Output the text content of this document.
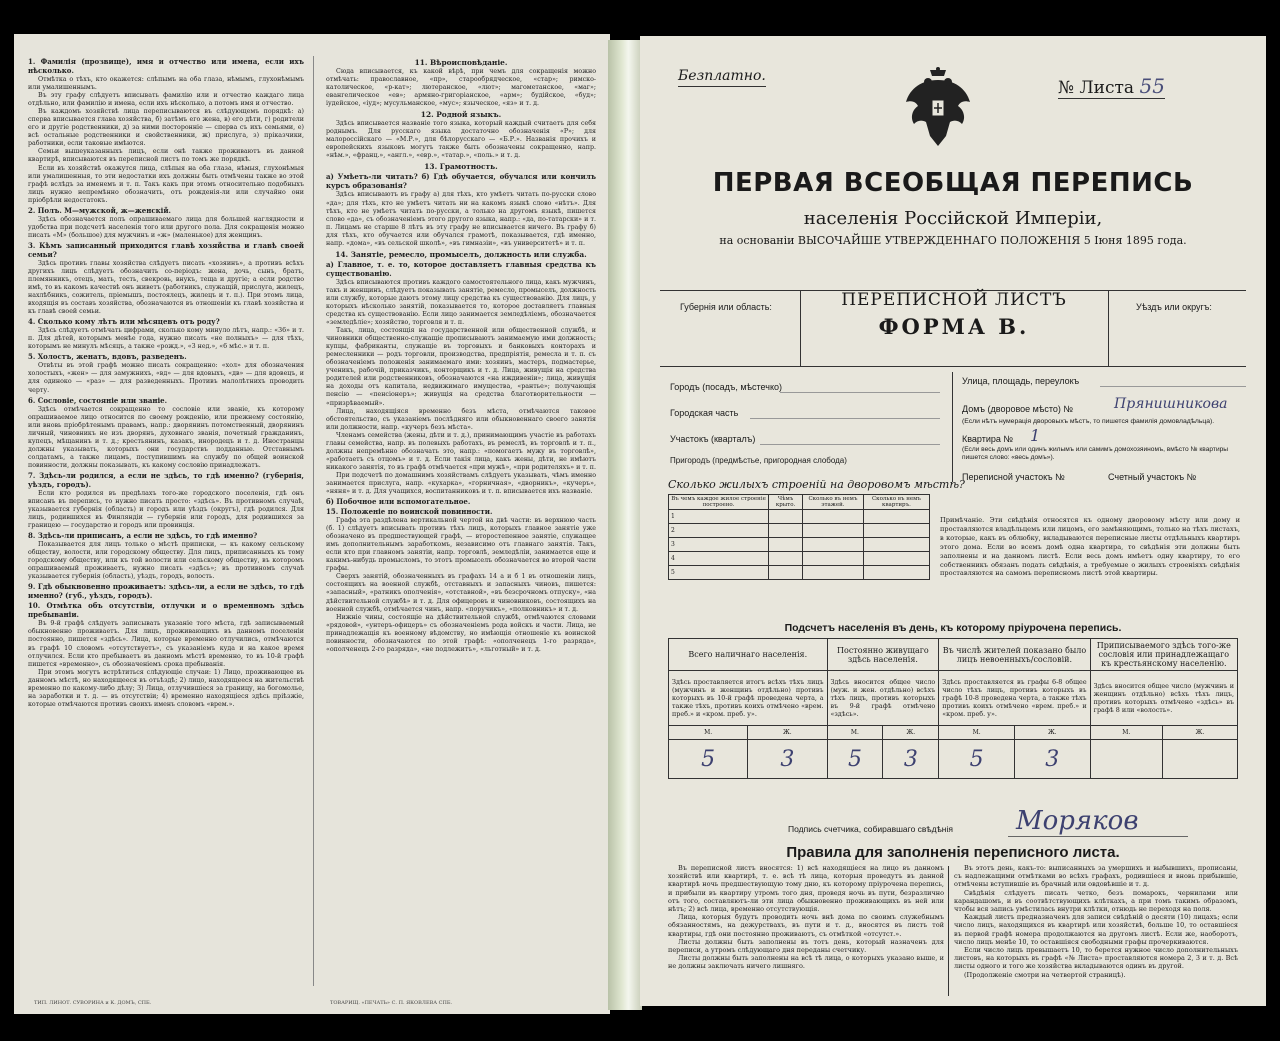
1. Фамилія (прозвище), имя и отчество или имена, если ихъ нѣсколько.

Отмѣтка о тѣхъ, кто окажется: слѣпымъ на оба глаза, нѣмымъ, глухонѣмымъ или умалишеннымъ.

Въ эту графу слѣдуетъ вписывать фамилію или и отчество каждаго лица отдѣльно, или фамилію и имена, если ихъ нѣсколько, а потомъ имя и отчество.

Въ каждомъ хозяйствѣ лица переписываются въ слѣдующемъ порядкѣ: а) сперва вписывается глава хозяйства, б) затѣмъ его жена, в) его дѣти, г) родители его и другіе родственники, д) за ними посторонніе — сперва съ ихъ семьями, е) всѣ остальные родственники и свойственники, ж) прислуга, з) пріказчики, работники, если таковые имѣются.

Семьи вышеуказанныхъ лицъ, если онѣ также проживаютъ въ данной квартирѣ, вписываются въ переписной листъ по томъ же порядкѣ.

Если въ хозяйствѣ окажутся лица, слѣпыя на оба глаза, нѣмыя, глухонѣмыя или умалишенныя, то эти недостатки ихъ должны быть отмѣчены также во этой графѣ вслѣдъ за именемъ и т. п. Такъ какъ при этомъ относительно подобныхъ лицъ нужно непремѣнно обозначить, отъ рожденія-ли или случайно они пріобрѣли недостатокъ.

2. Полъ. М—мужской, ж—женскій.

Здѣсь обозначается полъ опрашиваемаго лица для большей наглядности и удобства при подсчетѣ населенія того или другого пола. Для сокращенія можно писать «М» (большое) для мужчинъ и «ж» (маленькое) для женщинъ.

3. Кѣмъ записанный приходится главѣ хозяйства и главѣ своей семьи?

Здѣсь противъ главы хозяйства слѣдуетъ писать «хозяинъ», а противъ всѣхъ другихъ лицъ слѣдуетъ обозначить со-періодъ: жена, дочь, сынъ, братъ, племянникъ, отецъ, мать, тесть, свекровь, внукъ, теща и другіе; а если родство имѣ, то въ какомъ качествѣ онъ живетъ (работникъ, служащій, прислуга, жилецъ, нахлѣбникъ, сожитель, пріемышъ, постоялецъ, жилецъ и т. п.). При этомъ лица, входящія въ составъ хозяйства, обозначаются въ отношеніи къ главѣ хозяйства и къ главѣ своей семьи.

4. Сколько кому лѣтъ или мѣсяцевъ отъ роду?

Здѣсь слѣдуетъ отмѣчать цифрами, сколько кому минуло лѣтъ, напр.: «36» и т. п. Для дѣтей, которымъ менѣе года, нужно писать «не полныхъ» — для тѣхъ, которымъ не минулъ мѣсяцъ, а также «рожд.», «3 нед.», «6 мѣс.» и т. п.

5. Холостъ, женатъ, вдовъ, разведенъ.

Отвѣты въ этой графѣ можно писать сокращенно: «хол» для обозначения холостыхъ, «жен» — для замужнихъ, «вд» — для вдовыхъ, «дв» — для вдовецъ, и для одиноко — «раз» — для разведенныхъ. Противъ малолѣтнихъ проводить черту.

6. Сословіе, состояніе или званіе.

Здѣсь отмѣчается сокращенно то сословіе или званіе, къ которому опрашиваемое лицо относится по своему рожденію, или прежнему состоянію, или вновь пріобрѣтенымъ правамъ, напр.: дворянинъ потомственный, дворянинъ личный, чиновникъ не изъ дворянъ, духовнаго званія, почетный гражданинъ, купецъ, мѣщанинъ и т. д.; крестьянинъ, казакъ, инородецъ и т. д. Иностранцы должны указывать, которыхъ они государствъ подданные. Отставнымъ солдатамъ, а также лицамъ, поступившимъ на службу по общей воинской повинности, должны показывать, къ какому сословію принадлежатъ.

7. Здѣсь-ли родился, а если не здѣсь, то гдѣ именно? (губернія, уѣздъ, городъ).

Если кто родился въ предѣлахъ того-же городского поселенія, гдѣ онъ вписанъ въ перепись, то нужно писать просто: «здѣсь». Въ противномъ случаѣ, указывается губернія (область) и городъ или уѣздъ (округъ), гдѣ родился. Для лицъ, родившихся въ Финляндіи — губернія или городъ, для родившихся за границею — государство и городъ или провинція.

8. Здѣсь-ли приписанъ, а если не здѣсь, то гдѣ именно?

Показывается для лицъ только о мѣстѣ приписки, — къ какому сельскому обществу, волости, или городскому обществу. Для лицъ, приписанныхъ къ тому городскому обществу, или къ той волости или сельскому обществу, въ которомъ опрашиваемый проживаетъ, нужно писать «здѣсь»; въ противномъ случаѣ указывается губернія (область), уѣздъ, городъ, волость.

9. Гдѣ обыкновенно проживаетъ: здѣсь-ли, а если не здѣсь, то гдѣ именно? (губ., уѣздъ, городъ).
10. Отмѣтка объ отсутствіи, отлучки и о временномъ здѣсь пребываніи.

Въ 9-й графѣ слѣдуетъ записывать указаніе того мѣста, гдѣ записываемый обыкновенно проживаетъ. Для лицъ, проживающихъ въ данномъ поселеніи постоянно, пишется «здѣсь». Лица, которые временно отлучились, отмѣчаются въ графѣ 10 словомъ «отсутствуетъ», съ указаніемъ куда и на какое время отлучился. Если кто пребываетъ въ данномъ мѣстѣ временно, то въ 10-й графѣ пишется «временно», съ обозначеніемъ срока пребыванія.

При этомъ могутъ встрѣтиться слѣдующіе случаи: 1) Лицо, проживающее въ данномъ мѣстѣ, но находящееся въ отъѣздѣ; 2) лицо, находящееся на жительствѣ временно по какому-либо дѣлу; 3) Лица, отлучившіеся за границу, на богомолье, на заработки и т. д. — въ отсутствіи; 4) временно находящіеся здѣсь пріѣзжіе, которые отмѣчаются противъ своихъ именъ словомъ «врем.».

11. Вѣроисповѣданіе.

Сюда вписывается, къ какой вѣрѣ, при чемъ для сокращенія можно отмѣчать: православное, «пр», старообрядческое, «стар»; римско-католическое, «р-кат»; лютеранское, «лют»; магометанское, «маг»; евангелическое «ев»; армяно-григоріанское, «арм»; будійское, «буд»; іудейское, «іуд»; мусульманское, «мус»; языческое, «яз» и т. д.

12. Родной языкъ.

Здѣсь вписывается названіе того языка, который каждый считаетъ для себя роднымъ. Для русскаго языка достаточно обозначенія «Р»; для малороссійскаго — «М.Р.», для бѣлорусскаго — «Б.Р.». Названія прочихъ и европейскихъ языковъ могутъ также быть обозначены сокращенно, напр. «нѣм.», «франц.», «англ.», «евр.», «татар.», «поль.» и т. д.

13. Грамотность.
а) Умѣетъ-ли читать? б) Гдѣ обучается, обучался или кончилъ курсъ образованія?

Здѣсь вписываютъ въ графу а) для тѣхъ, кто умѣетъ читать по-русски слово «да»; для тѣхъ, кто не умѣетъ читать ни на какомъ языкѣ слово «нѣтъ». Для тѣхъ, кто не умѣетъ читать по-русски, а только на другомъ языкѣ, пишется слово «да», съ обозначеніемъ этого другого языка, напр.: «да, по-татарски» и т. п. Лицамъ не старше 8 лѣтъ въ эту графу не вписывается ничего. Въ графу б) для тѣхъ, кто обучается или обучался грамотѣ, показывается, гдѣ именно, напр. «дома», «въ сельской школѣ», «въ гимназіи», «въ университетѣ» и т. п.

14. Занятіе, ремесло, промыселъ, должность или служба.
а) Главное, т. е. то, которое доставляетъ главныя средства къ существованію.

Здѣсь вписываются противъ каждого самостоятельного лица, какъ мужчинъ, такъ и женщинъ, слѣдуетъ показывать занятіе, ремесло, промыселъ, должность или службу, которые даютъ этому лицу средства къ существованію. Для лицъ, у которыхъ нѣсколько занятій, показывается то, которое доставляетъ главныя средства къ существованію. Если лицо занимается земледѣліемъ, обозначается «земледѣліе»; хозяйство, торговля и т. п.

Такъ, лица, состоящія на государственной или общественной службѣ, и чиновники общественно-служащіе прописываютъ занимаемую ими должность; купцы, фабриканты, служащіе въ торговыхъ и банковыхъ конторахъ и ремесленники — родъ торговли, производства, предпріятія, ремесла и т. п. съ обозначеніемъ положенія занимаемаго ими: хозяинъ, мастеръ, подмастерье, ученикъ, рабочій, приказчикъ, конторщикъ и т. д. Лица, живущія на средства родителей или родственниковъ, обозначаются «на иждивеніи»; лица, живущія на доходы отъ капитала, недвижимаго имущества, «рантье»; получающія пенсію — «пенсіонеръ»; живущія на средства благотворительности — «призрѣваемый».

Лица, находящіяся временно безъ мѣста, отмѣчаются таковое обстоятельство, съ указаніемъ послѣдняго или обыкновеннаго своего занятія или должности, напр. «кучеръ безъ мѣста».

Членамъ семейства (жены, дѣти и т. д.), принимающимъ участіе въ работахъ главы семейства, напр. въ полевыхъ работахъ, въ ремеслѣ, въ торговлѣ и т. п., должны непремѣнно обозначать это, напр.: «помогаетъ мужу въ торговлѣ», «работаетъ съ отцомъ» и т. д. Если такія лица, какъ жены, дѣти, не имѣютъ никакого занятія, то въ графѣ отмѣчается «при мужѣ», «при родителяхъ» и т. п.

При подсчетѣ по домашнимъ хозяйствамъ слѣдуетъ указывать, чѣмъ именно занимается прислуга, напр. «кухарка», «горничная», «дворникъ», «кучеръ», «няня» и т. д. Для учащихся, воспитанниковъ и т. п. вписывается ихъ названіе.

б) Побочное или вспомогательное.
15. Положеніе по воинской повинности.

Графа эта раздѣлена вертикальной чертой на двѣ части: въ верхнюю часть (б. 1) слѣдуетъ вписывать противъ тѣхъ лицъ, которыхъ главное занятіе уже обозначено въ предшествующей графѣ, — второстепенное занятіе, служащее имъ дополнительнымъ заработкомъ, независимо отъ главнаго занятія. Такъ, если кто при главномъ занятіи, напр. торговлѣ, земледѣліи, занимается еще и какимъ-нибудь промысломъ, то этотъ промыселъ обозначается во второй части графы.

Сверхъ занятій, обозначенныхъ въ графахъ 14 а и б 1 въ отношеніи лицъ, состоящихъ на военной службѣ, отставныхъ и запасныхъ чиновъ, пишется: «запасный», «ратникъ ополченія», «отставной», «въ безсрочномъ отпуску», «на дѣйствительной службѣ» и т. д. Для офицеровъ и чиновниковъ, состоящихъ на военной службѣ, отмѣчается чинъ, напр. «поручикъ», «полковникъ» и т. д.

Нижніе чины, состоящіе на дѣйствительной службѣ, отмѣчаются словами «рядовой», «унтеръ-офицеръ» съ обозначеніемъ рода войскъ и части. Лица, не принадлежащія къ военному вѣдомству, но имѣющія отношеніе къ воинской повинности, обозначаются по этой графѣ: «ополченецъ 1-го разряда», «ополченецъ 2-го разряда», «не подлежитъ», «льготный» и т. д.

ТИП. ЛИНОТ. СУВОРИНА и К. ДОМЪ, СПБ.	ТОВАРИЩ. «ПЕЧАТЬ» С. П. ЯКОВЛЕВА СПБ.
Безплатно.
№ Листа 55
ПЕРВАЯ ВСЕОБЩАЯ ПЕРЕПИСЬ
населенія Россійской Имперіи,
на основаніи ВЫСОЧАЙШЕ УТВЕРЖДЕННАГО ПОЛОЖЕНІЯ 5 Іюня 1895 года.
Губернія или область:	Уѣздъ или округъ:
ПЕРЕПИСНОЙ ЛИСТЪ
ФОРМА В.
Городъ (посадъ, мѣстечко)
Городская часть
Участокъ (кварталъ)
Пригородъ (предмѣстье, пригородная слобода)
Улица, площадь, переулокъ
Домъ (дворовое мѣсто) №	Прянишникова
(Если нѣтъ нумерація дворовыхъ мѣстъ, то пишется фамилія домовладѣльца).
Квартира № 1
(Если весь домъ или одинъ жилымъ или самимъ домохозяиномъ, вмѣсто № квартиры пишется слово: «весь домъ»).
Переписной участокъ №	Счетный участокъ №
Сколько жилыхъ строеній на дворовомъ мѣстѣ?
Въ чемъ каждое жилое строеніе построено.	Чѣмъ крыто.	Сколько въ немъ этажей.	Сколько въ немъ квартиръ.
1			
2			
3			
4			
5			
Примѣчаніе. Эти свѣдѣнія относятся къ одному дворовому мѣсту или дому и проставляются владѣльцемъ или лицомъ, его замѣняющимъ, только на тѣхъ листахъ, в которые, какъ въ облюбку, вкладываются переписные листы отдѣльныхъ квартиръ этого дома. Если во всемъ домѣ одна квартира, то свѣдѣнія эти должны быть заполнены и на данномъ листѣ. Если весь домъ имѣетъ одну квартиру, то его собственникъ обязанъ подать свѣдѣнія, а требуемые о жилыхъ строеніяхъ свѣдѣнія проставляются на самомъ переписномъ листѣ этой квартиры.
Подсчетъ населенія въ день, къ которому пріурочена перепись.
Всего наличнаго населенія.		Постоянно живущаго здѣсь населенія.		Въ числѣ жителей показано было лицъ невоенныхъ/сословій.		Приписываемого здѣсь того-же сословія или принадлежащаго къ крестьянскому населенію.	
Здѣсь проставляется итогъ всѣхъ тѣхъ лицъ (мужчинъ и женщинъ отдѣльно) противъ которыхъ въ 10-й графѣ проведена черта, а также тѣхъ, противъ коихъ отмѣчено «врем. преб.» и «кром. преб. у».		Здѣсь вносится общее число (муж. и жен. отдѣльно) всѣхъ тѣхъ лицъ, противъ которыхъ въ 9-й графѣ отмѣчено «здѣсь».		Здѣсь проставляется въ графы 6-8 общее число тѣхъ лицъ, противъ которыхъ въ графѣ 10-8 проведена черта, а также тѣхъ противъ коихъ отмѣчено «врем. преб.» и «кром. преб. у».		Здѣсь вносится общее число (мужчинъ и женщинъ отдѣльно) всѣхъ тѣхъ лицъ, противъ которыхъ отмѣчено «здѣсь» въ графѣ 8 или «волость».	
М.	Ж.	М.	Ж.	М.	Ж.	М.	Ж.
5	3	5	3	5	3		
Подпись счетчика, собиравшаго свѣдѣнія Моряков
Правила для заполненія переписного листа.

Въ переписной листъ вносятся: 1) всѣ находящіеся на лицо въ данномъ хозяйствѣ или квартирѣ, т. е. всѣ тѣ лица, которыя проведутъ въ данной квартирѣ ночь предшествующую тому дню, къ которому пріурочена перепись, и прибыли въ квартиру утромъ того дня, проведя ночь въ пути, безразлично отъ того, составляютъ-ли эти лица обыкновенно проживающихъ въ ней или нѣтъ; 2) всѣ лица, временно отсутствующія.

Лица, которыя будутъ проводить ночь внѣ дома по своимъ служебнымъ обязанностямъ, на дежурствахъ, въ пути и т. д., вносятся въ листъ той квартиры, гдѣ они постоянно проживаютъ, съ отмѣткой «отсутст.».

Листы должны быть заполнены въ тотъ день, который назначенъ для переписи, а утромъ слѣдующаго дня переданы счетчику.

Листы должны быть заполнены на всѣ тѣ лица, о которыхъ указано выше, и не должны заключать ничего лишняго.

Въ этотъ день, какъ-то: выписанныхъ за умершихъ и выбывшихъ, прописаны, съ надлежащими отмѣтками во всѣхъ графахъ, родившіеся и вновь прибывшіе, отмѣчены вступившіе въ брачный или овдовѣвшіе и т. д.

Свѣдѣнія слѣдуетъ писать четко, безъ помарокъ, чернилами или карандашомъ, и въ соотвѣтствующихъ клѣткахъ, а при томъ такимъ образомъ, чтобы вся запись умѣстилась внутри клѣтки, отнюдь не переходя на поля.

Каждый листъ предназначенъ для записи свѣдѣній о десяти (10) лицахъ; если число лицъ, находящихся въ квартирѣ или хозяйствѣ, больше 10, то оставшіеся въ первой графѣ номера продолжаются на другомъ листѣ. Если же, наоборотъ, число лицъ менѣе 10, то оставшіяся свободными графы прочеркиваются.

Если число лицъ превышаетъ 10, то берется нужное число дополнительныхъ листовъ, на которыхъ въ графѣ «№ Листа» проставляются номера 2, 3 и т. д. Всѣ листы одного и того же хозяйства вкладываются одинъ въ другой.

(Продолженіе смотри на четвертой страницѣ).
